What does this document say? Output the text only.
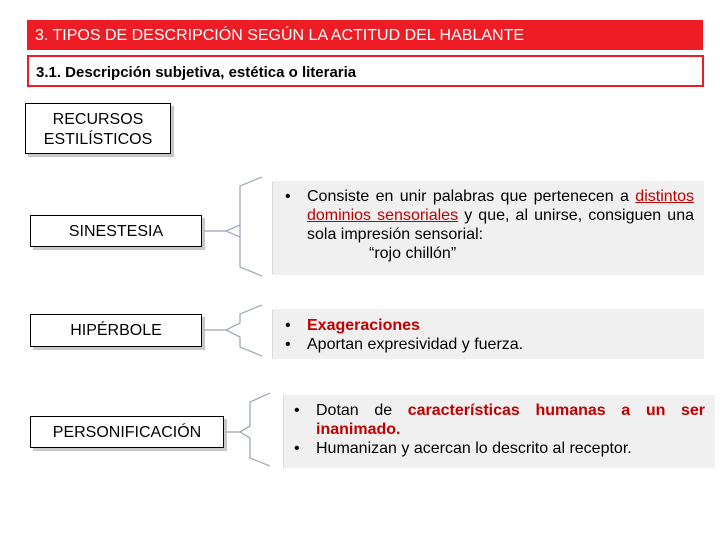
3. TIPOS DE DESCRIPCIÓN SEGÚN LA ACTITUD DEL HABLANTE
3.1. Descripción subjetiva, estética o literaria
RECURSOS
ESTILÍSTICOS
SINESTESIA
HIPÉRBOLE
PERSONIFICACIÓN
•	Consiste en unir palabras que pertenecen a distintos dominios sensoriales y que, al unirse, consiguen una sola impresión sensorial:
“rojo chillón”
•	Exageraciones
•	Aportan expresividad y fuerza.
•	Dotan de características humanas a un ser inanimado.
•	Humanizan y acercan lo descrito al receptor.
